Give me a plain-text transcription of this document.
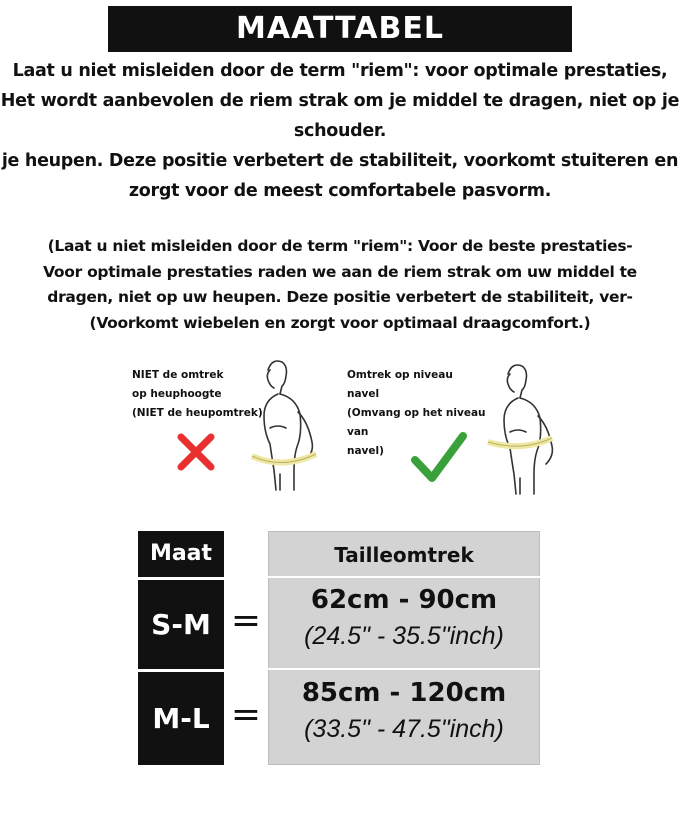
MAATTABEL
Laat u niet misleiden door de term "riem": voor optimale prestaties,
Het wordt aanbevolen de riem strak om je middel te dragen, niet op je
schouder.
je heupen. Deze positie verbetert de stabiliteit, voorkomt stuiteren en
zorgt voor de meest comfortabele pasvorm.
(Laat u niet misleiden door de term "riem": Voor de beste prestaties-
Voor optimale prestaties raden we aan de riem strak om uw middel te
dragen, niet op uw heupen. Deze positie verbetert de stabiliteit, ver-
(Voorkomt wiebelen en zorgt voor optimaal draagcomfort.)
NIET de omtrek
op heuphoogte
(NIET de heupomtrek)
Omtrek op niveau
navel
(Omvang op het niveau
van
navel)
Maat
S-M
M-L
=
=
Tailleomtrek
62cm - 90cm
(24.5" - 35.5"inch)
85cm - 120cm
(33.5" - 47.5"inch)
